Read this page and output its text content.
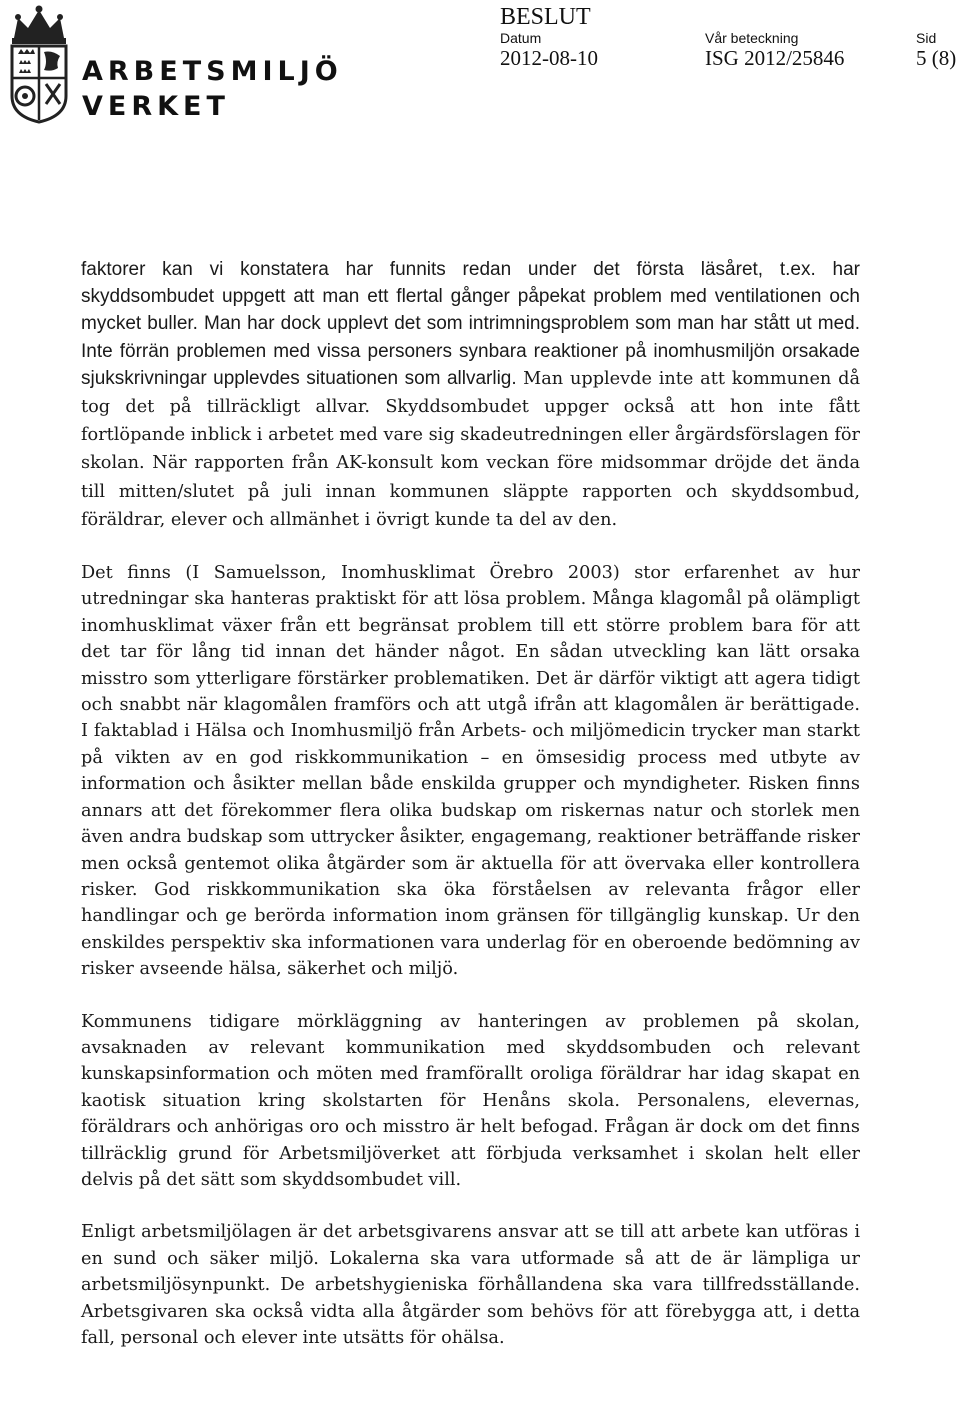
ARBETSMILJÖ
VERKET
BESLUT
Datum
2012-08-10
Vår beteckning
ISG 2012/25846
Sid
5 (8)

faktorer kan vi konstatera har funnits redan under det första läsåret, t.ex. har skyddsombudet uppgett att man ett flertal gånger påpekat problem med ventilationen och mycket buller. Man har dock upplevt det som intrimningsproblem som man har stått ut med. Inte förrän problemen med vissa personers synbara reaktioner på inomhusmiljön orsakade sjukskrivningar upplevdes situationen som allvarlig. Man upplevde inte att kommunen då tog det på tillräckligt allvar. Skyddsombudet uppger också att hon inte fått fortlöpande inblick i arbetet med vare sig skadeutredningen eller årgärdsförslagen för skolan. När rapporten från AK-konsult kom veckan före midsommar dröjde det ända till mitten/slutet på juli innan kommunen släppte rapporten och skyddsombud, föräldrar, elever och allmänhet i övrigt kunde ta del av den.

Det finns (I Samuelsson, Inomhusklimat Örebro 2003) stor erfarenhet av hur utredningar ska hanteras praktiskt för att lösa problem. Många klagomål på olämpligt inomhusklimat växer från ett begränsat problem till ett större problem bara för att det tar för lång tid innan det händer något. En sådan utveckling kan lätt orsaka misstro som ytterligare förstärker problematiken. Det är därför viktigt att agera tidigt och snabbt när klagomålen framförs och att utgå ifrån att klagomålen är berättigade. I faktablad i Hälsa och Inomhusmiljö från Arbets- och miljömedicin trycker man starkt på vikten av en god riskkommunikation – en ömsesidig process med utbyte av information och åsikter mellan både enskilda grupper och myndigheter. Risken finns annars att det förekommer flera olika budskap om riskernas natur och storlek men även andra budskap som uttrycker åsikter, engagemang, reaktioner beträffande risker men också gentemot olika åtgärder som är aktuella för att övervaka eller kontrollera risker. God riskkommunikation ska öka förståelsen av relevanta frågor eller handlingar och ge berörda information inom gränsen för tillgänglig kunskap. Ur den enskildes perspektiv ska informationen vara underlag för en oberoende bedömning av risker avseende hälsa, säkerhet och miljö.

Kommunens tidigare mörkläggning av hanteringen av problemen på skolan, avsaknaden av relevant kommunikation med skyddsombuden och relevant kunskapsinformation och möten med framförallt oroliga föräldrar har idag skapat en kaotisk situation kring skolstarten för Henåns skola. Personalens, elevernas, föräldrars och anhörigas oro och misstro är helt befogad. Frågan är dock om det finns tillräcklig grund för Arbetsmiljöverket att förbjuda verksamhet i skolan helt eller delvis på det sätt som skyddsombudet vill.

Enligt arbetsmiljölagen är det arbetsgivarens ansvar att se till att arbete kan utföras i en sund och säker miljö. Lokalerna ska vara utformade så att de är lämpliga ur arbetsmiljösynpunkt. De arbetshygieniska förhållandena ska vara tillfredsställande. Arbetsgivaren ska också vidta alla åtgärder som behövs för att förebygga att, i detta fall, personal och elever inte utsätts för ohälsa.
